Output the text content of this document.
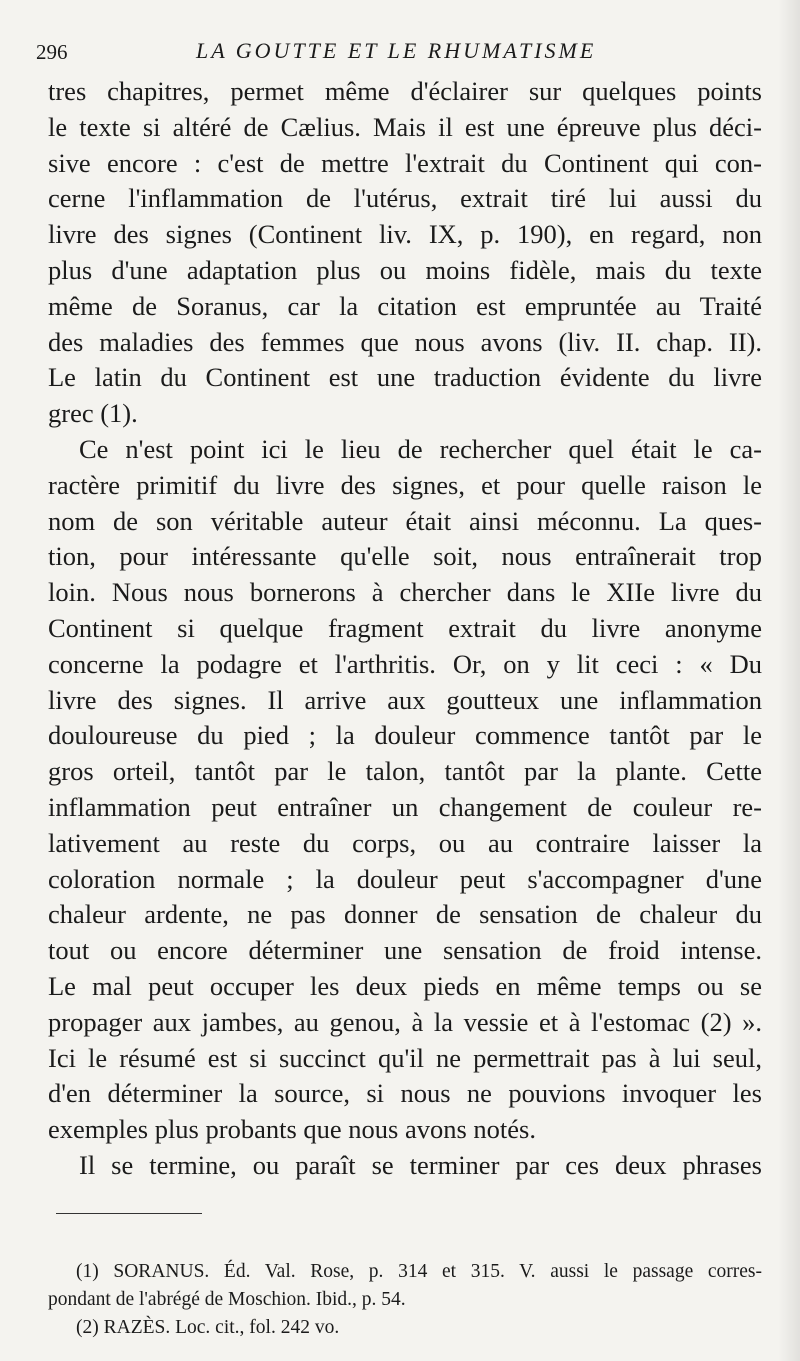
296	LA GOUTTE ET LE RHUMATISME
tres chapitres, permet même d'éclairer sur quelques points
le texte si altéré de Cælius. Mais il est une épreuve plus déci-
sive encore : c'est de mettre l'extrait du Continent qui con-
cerne l'inflammation de l'utérus, extrait tiré lui aussi du
livre des signes (Continent liv. IX, p. 190), en regard, non
plus d'une adaptation plus ou moins fidèle, mais du texte
même de Soranus, car la citation est empruntée au Traité
des maladies des femmes que nous avons (liv. II. chap. II).
Le latin du Continent est une traduction évidente du livre
grec (1).
Ce n'est point ici le lieu de rechercher quel était le ca-
ractère primitif du livre des signes, et pour quelle raison le
nom de son véritable auteur était ainsi méconnu. La ques-
tion, pour intéressante qu'elle soit, nous entraînerait trop
loin. Nous nous bornerons à chercher dans le XIIe livre du
Continent si quelque fragment extrait du livre anonyme
concerne la podagre et l'arthritis. Or, on y lit ceci : « Du
livre des signes. Il arrive aux goutteux une inflammation
douloureuse du pied ; la douleur commence tantôt par le
gros orteil, tantôt par le talon, tantôt par la plante. Cette
inflammation peut entraîner un changement de couleur re-
lativement au reste du corps, ou au contraire laisser la
coloration normale ; la douleur peut s'accompagner d'une
chaleur ardente, ne pas donner de sensation de chaleur du
tout ou encore déterminer une sensation de froid intense.
Le mal peut occuper les deux pieds en même temps ou se
propager aux jambes, au genou, à la vessie et à l'estomac (2) ».
Ici le résumé est si succinct qu'il ne permettrait pas à lui seul,
d'en déterminer la source, si nous ne pouvions invoquer les
exemples plus probants que nous avons notés.
Il se termine, ou paraît se terminer par ces deux phrases
(1) SORANUS. Éd. Val. Rose, p. 314 et 315. V. aussi le passage corres-
pondant de l'abrégé de Moschion. Ibid., p. 54.
(2) RAZÈS. Loc. cit., fol. 242 vo.
